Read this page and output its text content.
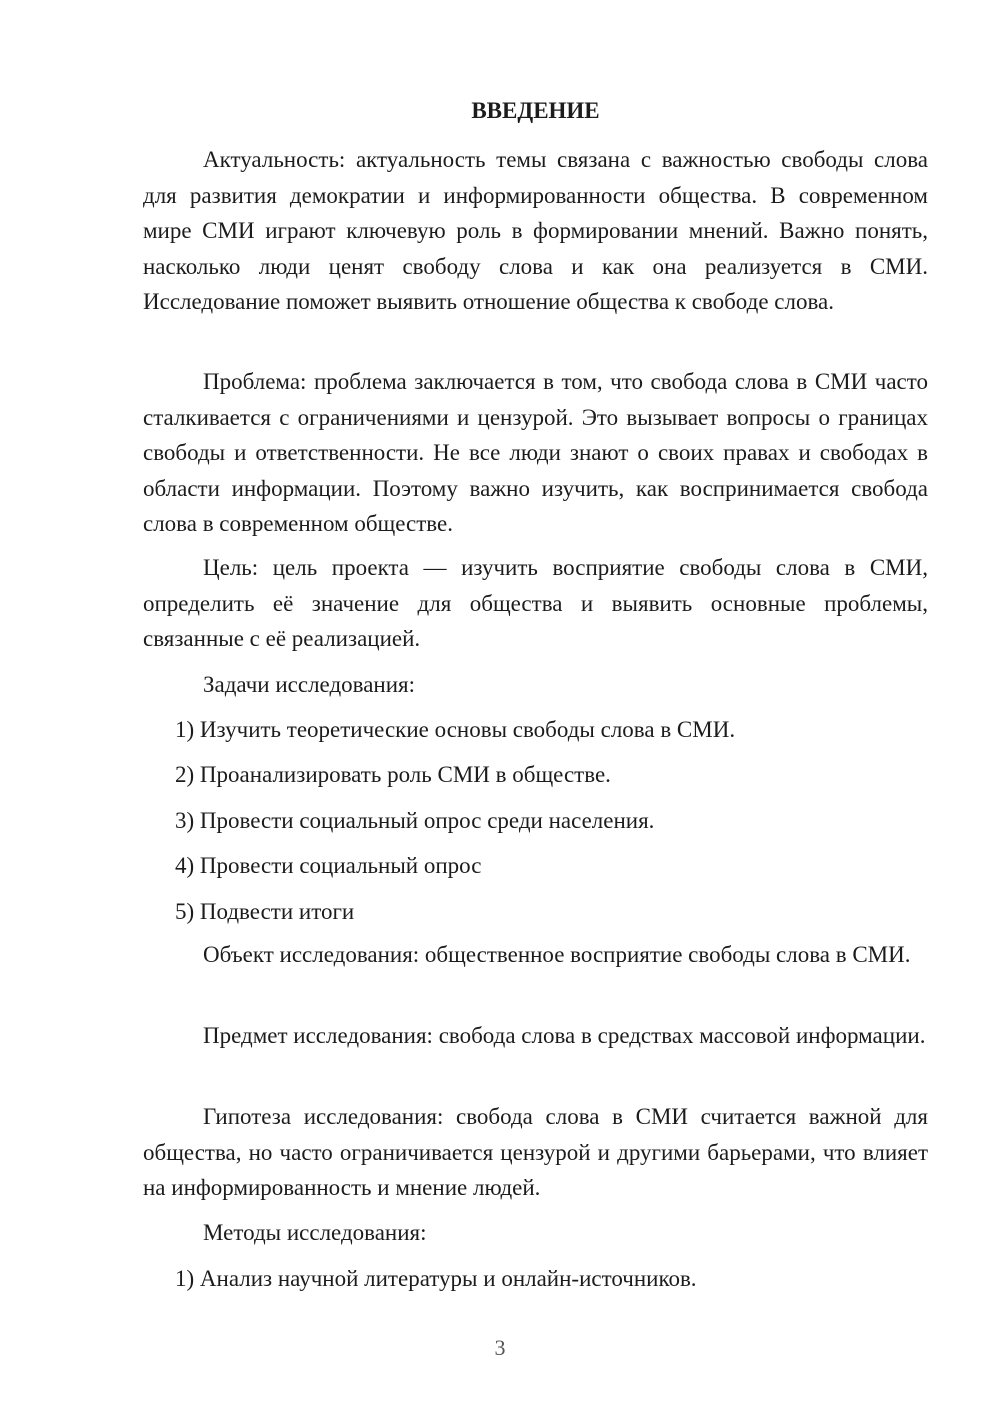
ВВЕДЕНИЕ

Актуальность: актуальность темы связана с важностью свободы слова для развития демократии и информированности общества. В современном мире СМИ играют ключевую роль в формировании мнений. Важно понять, насколько люди ценят свободу слова и как она реализуется в СМИ. Исследование поможет выявить отношение общества к свободе слова.

Проблема: проблема заключается в том, что свобода слова в СМИ часто сталкивается с ограничениями и цензурой. Это вызывает вопросы о границах свободы и ответственности. Не все люди знают о своих правах и свободах в области информации. Поэтому важно изучить, как воспринимается свобода слова в современном обществе.

Цель: цель проекта — изучить восприятие свободы слова в СМИ, определить её значение для общества и выявить основные проблемы, связанные с её реализацией.

Задачи исследования:

1) Изучить теоретические основы свободы слова в СМИ.

2) Проанализировать роль СМИ в обществе.

3) Провести социальный опрос среди населения.

4) Провести социальный опрос

5) Подвести итоги

Объект исследования: общественное восприятие свободы слова в СМИ.

Предмет исследования: свобода слова в средствах массовой информации.

Гипотеза исследования: свобода слова в СМИ считается важной для общества, но часто ограничивается цензурой и другими барьерами, что влияет на информированность и мнение людей.

Методы исследования:

1) Анализ научной литературы и онлайн-источников.

3
